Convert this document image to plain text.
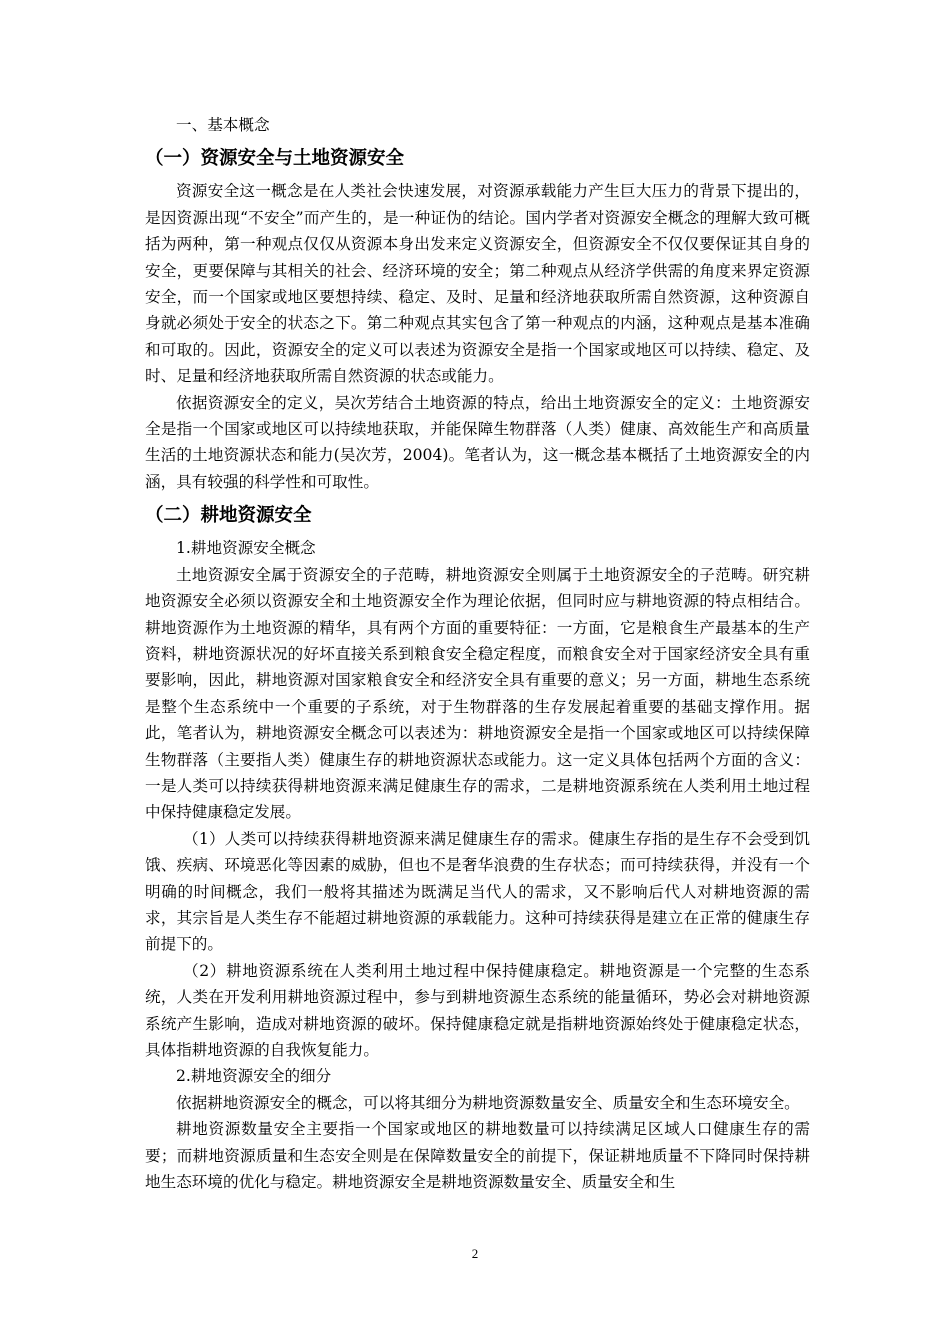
一、基本概念

（一）资源安全与土地资源安全

资源安全这一概念是在人类社会快速发展，对资源承载能力产生巨大压力的背景下提出的，是因资源出现“不安全”而产生的，是一种证伪的结论。国内学者对资源安全概念的理解大致可概括为两种，第一种观点仅仅从资源本身出发来定义资源安全，但资源安全不仅仅要保证其自身的安全，更要保障与其相关的社会、经济环境的安全；第二种观点从经济学供需的角度来界定资源安全，而一个国家或地区要想持续、稳定、及时、足量和经济地获取所需自然资源，这种资源自身就必须处于安全的状态之下。第二种观点其实包含了第一种观点的内涵，这种观点是基本准确和可取的。因此，资源安全的定义可以表述为资源安全是指一个国家或地区可以持续、稳定、及时、足量和经济地获取所需自然资源的状态或能力。

依据资源安全的定义，吴次芳结合土地资源的特点，给出土地资源安全的定义：土地资源安全是指一个国家或地区可以持续地获取，并能保障生物群落（人类）健康、高效能生产和高质量生活的土地资源状态和能力(吴次芳，2004)。笔者认为，这一概念基本概括了土地资源安全的内涵，具有较强的科学性和可取性。

（二）耕地资源安全

1.耕地资源安全概念

土地资源安全属于资源安全的子范畴，耕地资源安全则属于土地资源安全的子范畴。研究耕地资源安全必须以资源安全和土地资源安全作为理论依据，但同时应与耕地资源的特点相结合。耕地资源作为土地资源的精华，具有两个方面的重要特征：一方面，它是粮食生产最基本的生产资料，耕地资源状况的好坏直接关系到粮食安全稳定程度，而粮食安全对于国家经济安全具有重要影响，因此，耕地资源对国家粮食安全和经济安全具有重要的意义；另一方面，耕地生态系统是整个生态系统中一个重要的子系统，对于生物群落的生存发展起着重要的基础支撑作用。据此，笔者认为，耕地资源安全概念可以表述为：耕地资源安全是指一个国家或地区可以持续保障生物群落（主要指人类）健康生存的耕地资源状态或能力。这一定义具体包括两个方面的含义：一是人类可以持续获得耕地资源来满足健康生存的需求，二是耕地资源系统在人类利用土地过程中保持健康稳定发展。

（1）人类可以持续获得耕地资源来满足健康生存的需求。健康生存指的是生存不会受到饥饿、疾病、环境恶化等因素的威胁，但也不是奢华浪费的生存状态；而可持续获得，并没有一个明确的时间概念，我们一般将其描述为既满足当代人的需求，又不影响后代人对耕地资源的需求，其宗旨是人类生存不能超过耕地资源的承载能力。这种可持续获得是建立在正常的健康生存前提下的。

（2）耕地资源系统在人类利用土地过程中保持健康稳定。耕地资源是一个完整的生态系统，人类在开发利用耕地资源过程中，参与到耕地资源生态系统的能量循环，势必会对耕地资源系统产生影响，造成对耕地资源的破坏。保持健康稳定就是指耕地资源始终处于健康稳定状态，具体指耕地资源的自我恢复能力。

2.耕地资源安全的细分

依据耕地资源安全的概念，可以将其细分为耕地资源数量安全、质量安全和生态环境安全。

耕地资源数量安全主要指一个国家或地区的耕地数量可以持续满足区域人口健康生存的需要；而耕地资源质量和生态安全则是在保障数量安全的前提下，保证耕地质量不下降同时保持耕地生态环境的优化与稳定。耕地资源安全是耕地资源数量安全、质量安全和生

2
